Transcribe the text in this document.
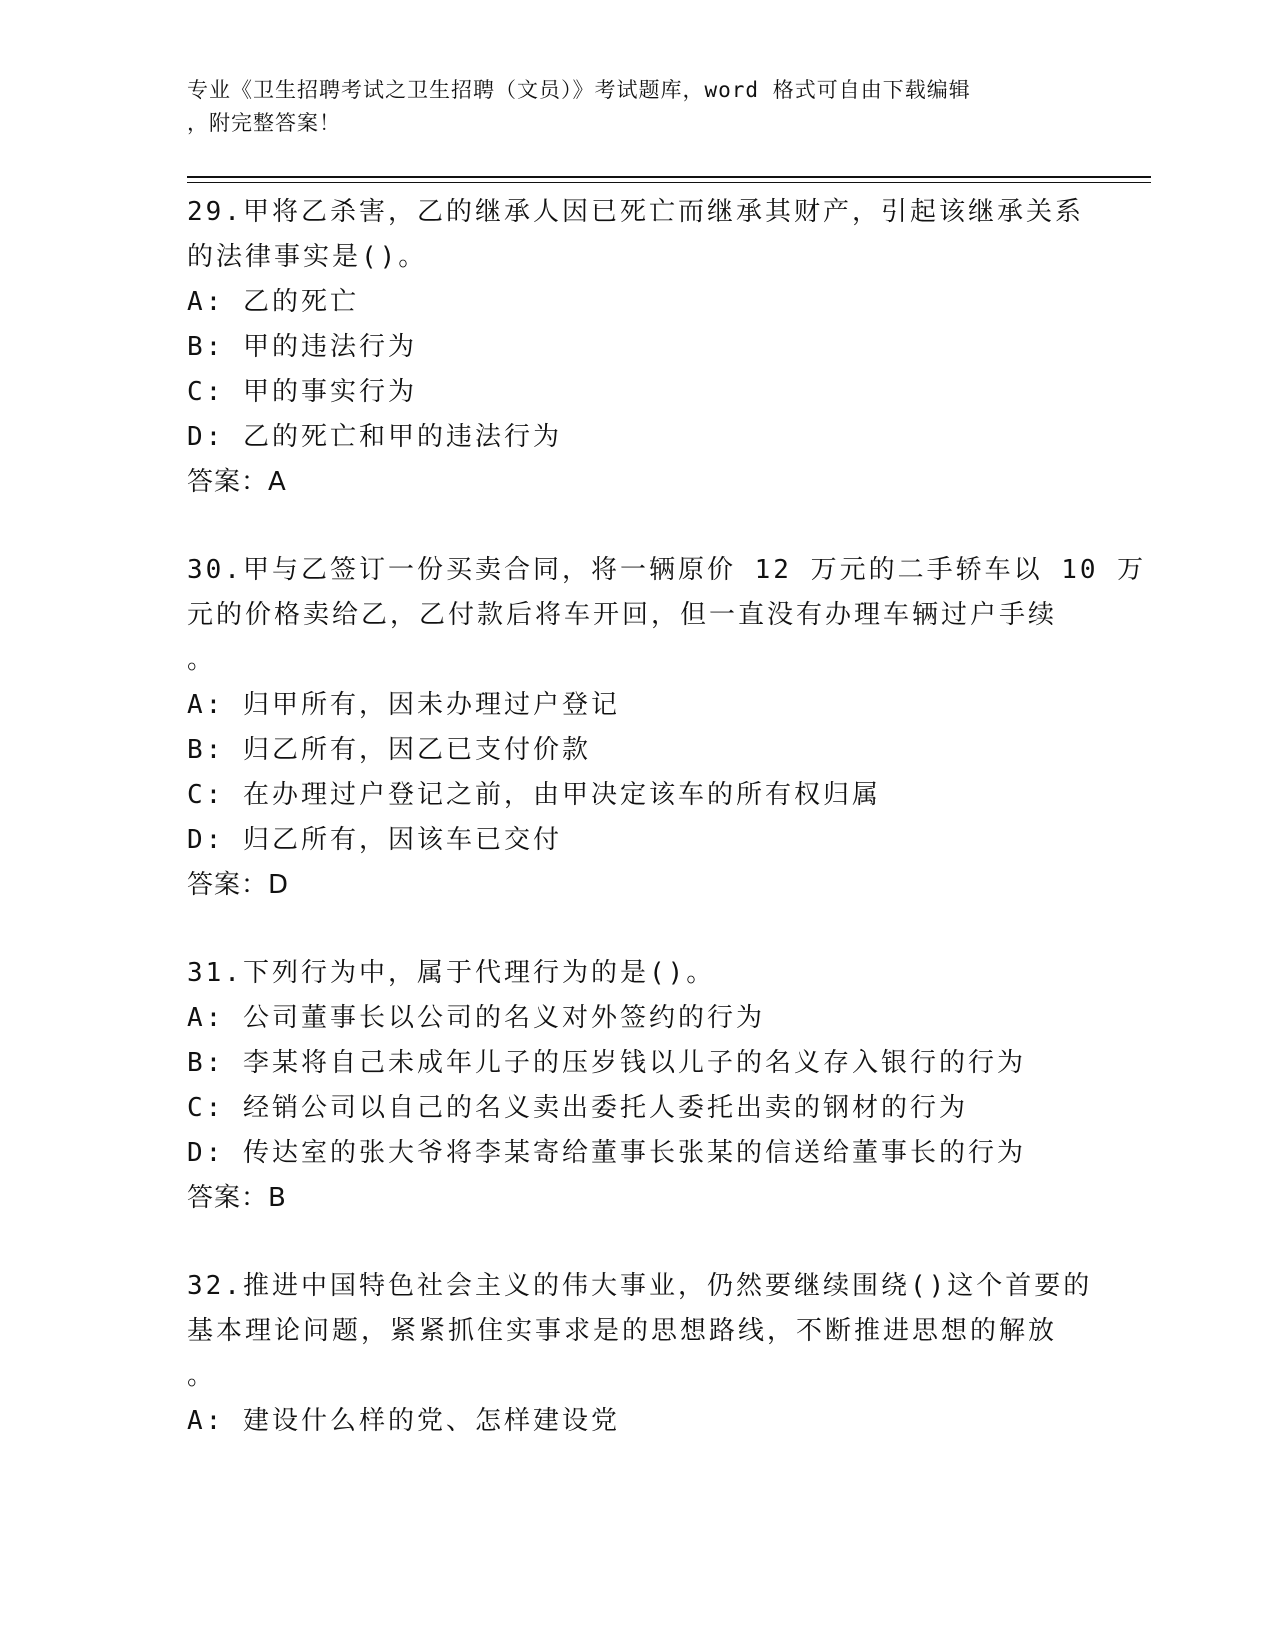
专业《卫生招聘考试之卫生招聘（文员）》考试题库，word 格式可自由下载编辑
，附完整答案！
29.甲将乙杀害，乙的继承人因已死亡而继承其财产，引起该继承关系
的法律事实是()。
A: 乙的死亡
B: 甲的违法行为
C: 甲的事实行为
D: 乙的死亡和甲的违法行为
答案：A
30.甲与乙签订一份买卖合同，将一辆原价 12 万元的二手轿车以 10 万
元的价格卖给乙，乙付款后将车开回，但一直没有办理车辆过户手续
。
A: 归甲所有，因未办理过户登记
B: 归乙所有，因乙已支付价款
C: 在办理过户登记之前，由甲决定该车的所有权归属
D: 归乙所有，因该车已交付
答案：D
31.下列行为中，属于代理行为的是()。
A: 公司董事长以公司的名义对外签约的行为
B: 李某将自己未成年儿子的压岁钱以儿子的名义存入银行的行为
C: 经销公司以自己的名义卖出委托人委托出卖的钢材的行为
D: 传达室的张大爷将李某寄给董事长张某的信送给董事长的行为
答案：B
32.推进中国特色社会主义的伟大事业，仍然要继续围绕()这个首要的
基本理论问题，紧紧抓住实事求是的思想路线，不断推进思想的解放
。
A: 建设什么样的党、怎样建设党
